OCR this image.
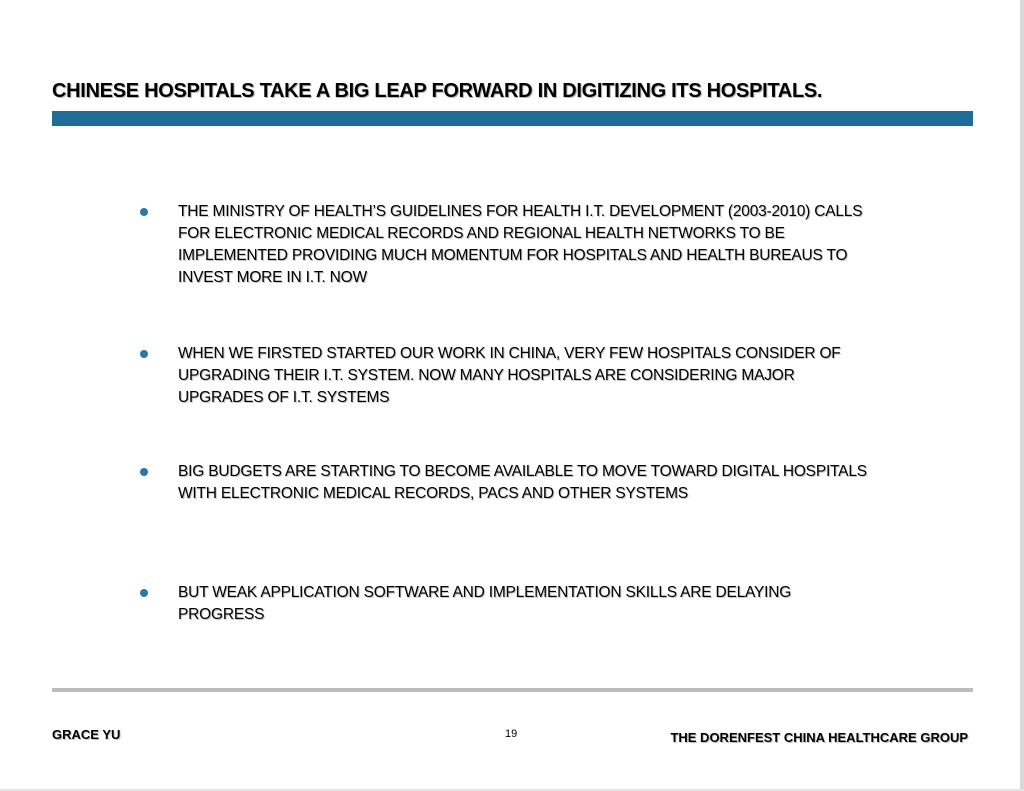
CHINESE HOSPITALS TAKE A BIG LEAP FORWARD IN DIGITIZING ITS HOSPITALS.
THE MINISTRY OF HEALTH’S GUIDELINES FOR HEALTH I.T. DEVELOPMENT (2003-2010) CALLS FOR ELECTRONIC MEDICAL RECORDS AND REGIONAL HEALTH NETWORKS TO BE IMPLEMENTED PROVIDING MUCH MOMENTUM FOR HOSPITALS AND HEALTH BUREAUS TO INVEST MORE IN I.T. NOW
WHEN WE FIRSTED STARTED OUR WORK IN CHINA, VERY FEW HOSPITALS CONSIDER OF UPGRADING THEIR I.T. SYSTEM. NOW MANY HOSPITALS ARE CONSIDERING MAJOR UPGRADES OF I.T. SYSTEMS
BIG BUDGETS ARE STARTING TO BECOME AVAILABLE TO MOVE TOWARD DIGITAL HOSPITALS WITH ELECTRONIC MEDICAL RECORDS, PACS AND OTHER SYSTEMS
BUT WEAK APPLICATION SOFTWARE AND IMPLEMENTATION SKILLS ARE DELAYING PROGRESS
GRACE YU	19	THE DORENFEST CHINA HEALTHCARE GROUP
